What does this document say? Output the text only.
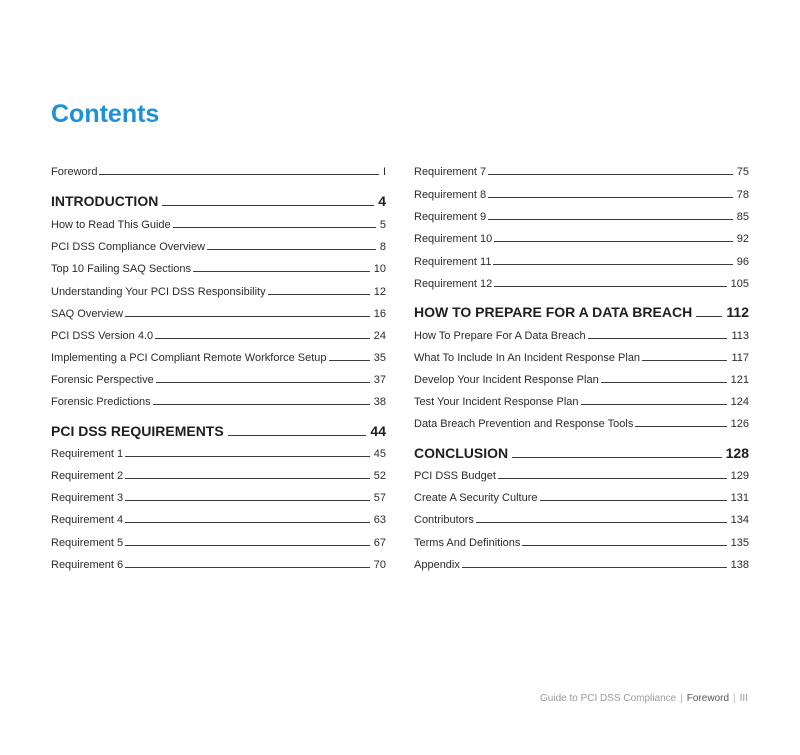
Contents
Foreword	I
INTRODUCTION	4
How to Read This Guide	5
PCI DSS Compliance Overview	8
Top 10 Failing SAQ Sections	10
Understanding Your PCI DSS Responsibility	12
SAQ Overview	16
PCI DSS Version 4.0	24
Implementing a PCI Compliant Remote Workforce Setup	35
Forensic Perspective	37
Forensic Predictions	38
PCI DSS REQUIREMENTS	44
Requirement 1	45
Requirement 2	52
Requirement 3	57
Requirement 4	63
Requirement 5	67
Requirement 6	70
Requirement 7	75
Requirement 8	78
Requirement 9	85
Requirement 10	92
Requirement 11	96
Requirement 12	105
HOW TO PREPARE FOR A DATA BREACH 112
How To Prepare For A Data Breach	113
What To Include In An Incident Response Plan	117
Develop Your Incident Response Plan	121
Test Your Incident Response Plan	124
Data Breach Prevention and Response Tools	126
CONCLUSION	128
PCI DSS Budget	129
Create A Security Culture	131
Contributors	134
Terms And Definitions	135
Appendix	138
Guide to PCI DSS Compliance | Foreword | III
